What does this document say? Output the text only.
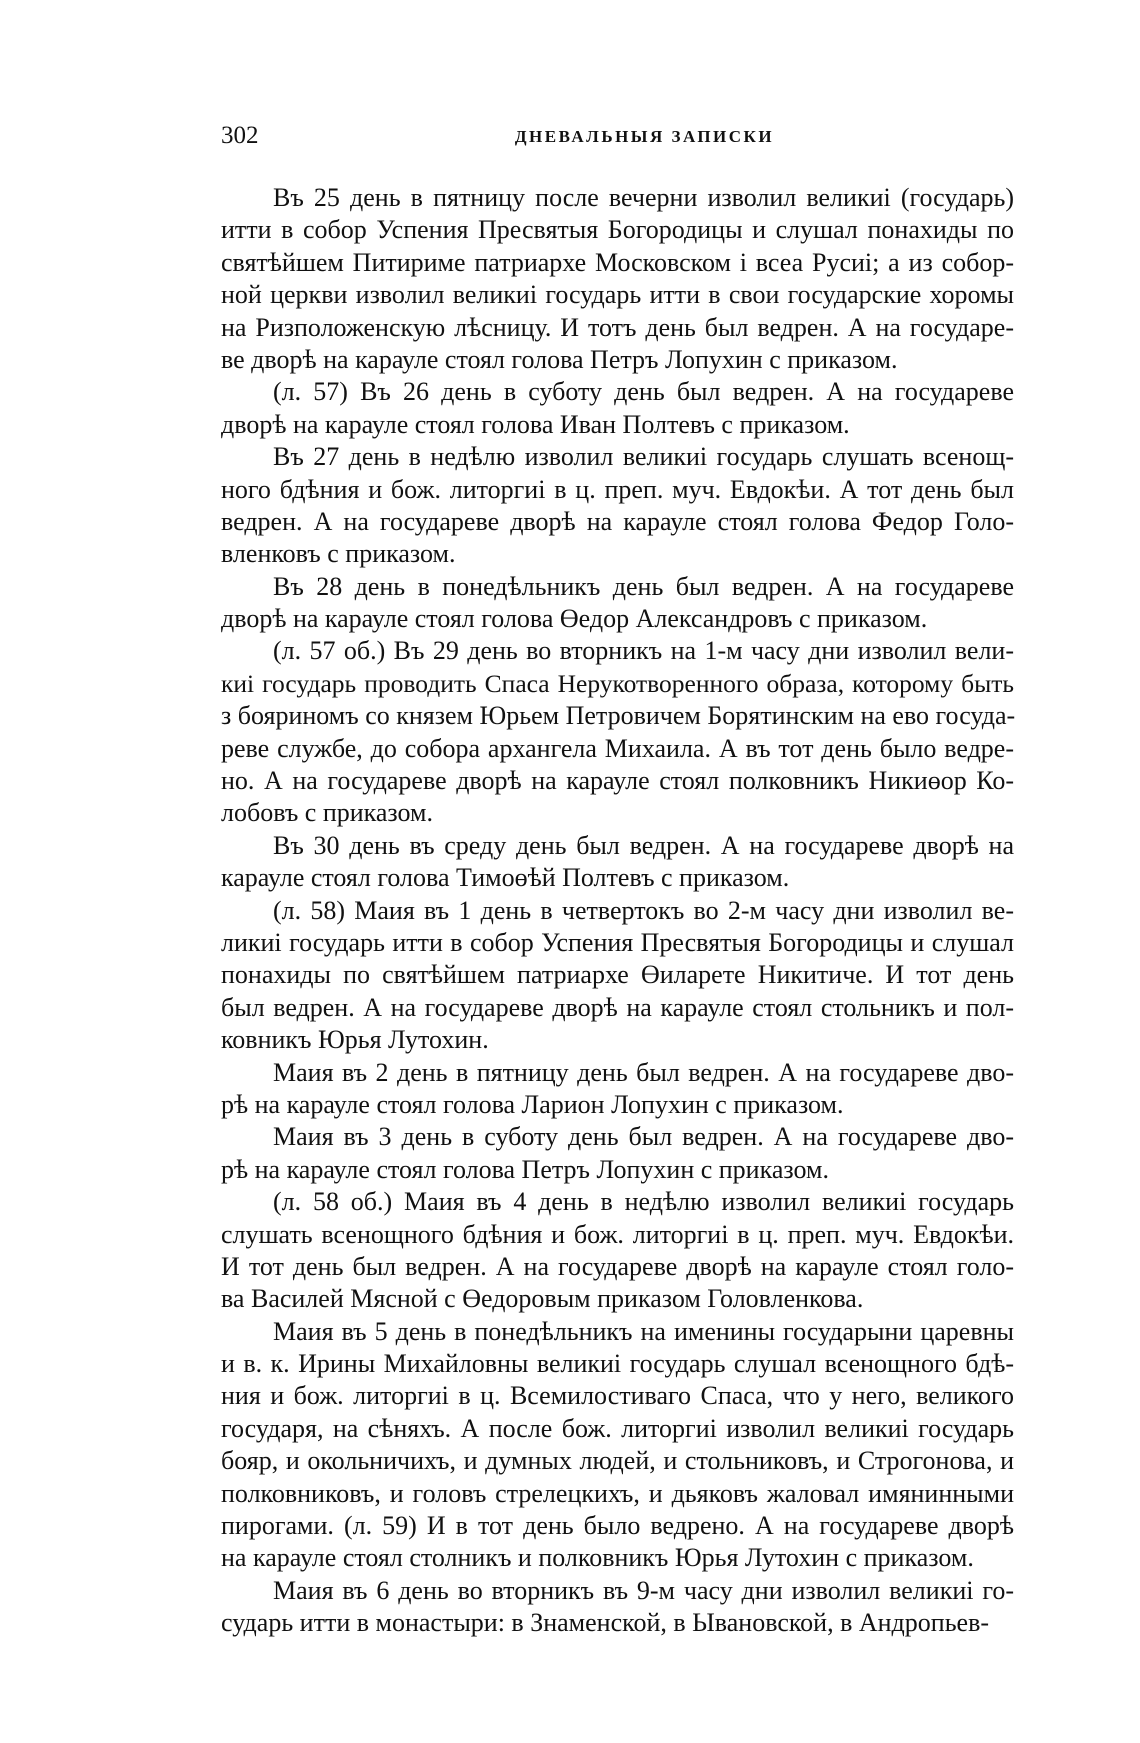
302	ДНЕВАЛЬНЫЯ ЗАПИСКИ
Въ 25 день в пятницу после вечерни изволил великиі (государь)
итти в собор Успения Пресвятыя Богородицы и слушал понахиды по
святѣйшем Питириме патриархе Московском і всеа Русиі; а из собор-
ной церкви изволил великиі государь итти в свои государские хоромы
на Ризположенскую лѣсницу. И тотъ день был ведрен. А на государе-
ве дворѣ на карауле стоял голова Петръ Лопухин с приказом.
(л. 57) Въ 26 день в суботу день был ведрен. А на государеве
дворѣ на карауле стоял голова Иван Полтевъ с приказом.
Въ 27 день в недѣлю изволил великиі государь слушать всенощ-
ного бдѣния и бож. литоргиі в ц. преп. муч. Евдокѣи. А тот день был
ведрен. А на государеве дворѣ на карауле стоял голова Федор Голо-
вленковъ с приказом.
Въ 28 день в понедѣльникъ день был ведрен. А на государеве
дворѣ на карауле стоял голова Өедор Александровъ с приказом.
(л. 57 об.) Въ 29 день во вторникъ на 1-м часу дни изволил вели-
киі государь проводить Спаса Нерукотворенного образа, которому быть
з бояриномъ со князем Юрьем Петровичем Борятинским на ево госуда-
реве службе, до собора архангела Михаила. А въ тот день было ведре-
но. А на государеве дворѣ на карауле стоял полковникъ Никиөор Ко-
лобовъ с приказом.
Въ 30 день въ среду день был ведрен. А на государеве дворѣ на
карауле стоял голова Тимоөѣй Полтевъ с приказом.
(л. 58) Маия въ 1 день в четвертокъ во 2-м часу дни изволил ве-
ликиі государь итти в собор Успения Пресвятыя Богородицы и слушал
понахиды по святѣйшем патриархе Өиларете Никитиче. И тот день
был ведрен. А на государеве дворѣ на карауле стоял стольникъ и пол-
ковникъ Юрья Лутохин.
Маия въ 2 день в пятницу день был ведрен. А на государеве дво-
рѣ на карауле стоял голова Ларион Лопухин с приказом.
Маия въ 3 день в суботу день был ведрен. А на государеве дво-
рѣ на карауле стоял голова Петръ Лопухин с приказом.
(л. 58 об.) Маия въ 4 день в недѣлю изволил великиі государь
слушать всенощного бдѣния и бож. литоргиі в ц. преп. муч. Евдокѣи.
И тот день был ведрен. А на государеве дворѣ на карауле стоял голо-
ва Василей Мясной с Өедоровым приказом Головленкова.
Маия въ 5 день в понедѣльникъ на именины государыни царевны
и в. к. Ирины Михайловны великиі государь слушал всенощного бдѣ-
ния и бож. литоргиі в ц. Всемилостиваго Спаса, что у него, великого
государя, на сѣняхъ. А после бож. литоргиі изволил великиі государь
бояр, и окольничихъ, и думных людей, и стольниковъ, и Строгонова, и
полковниковъ, и головъ стрелецкихъ, и дьяковъ жаловал имянинными
пирогами. (л. 59) И в тот день было ведрено. А на государеве дворѣ
на карауле стоял столникъ и полковникъ Юрья Лутохин с приказом.
Маия въ 6 день во вторникъ въ 9-м часу дни изволил великиі го-
сударь итти в монастыри: в Знаменской, в Ывановской, в Андропьев-
